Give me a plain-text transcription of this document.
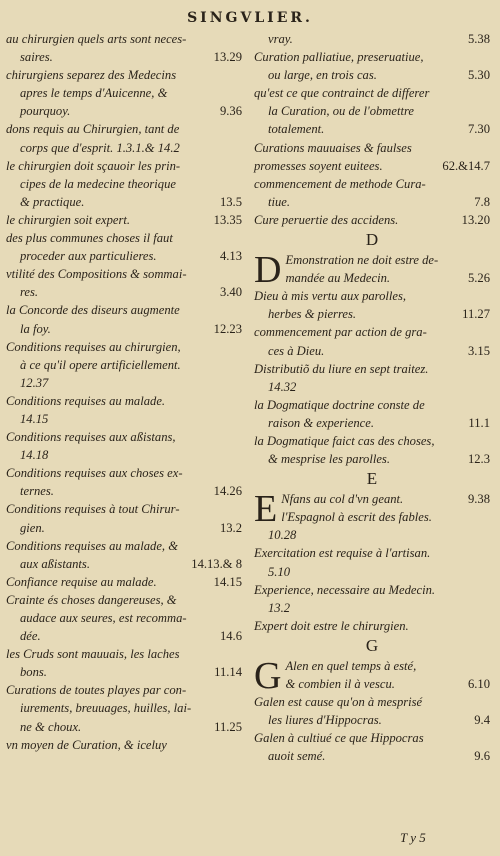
SINGVLIER.
au chirurgien quels arts sont neces-
saires.	13.29
chirurgiens separez des Medecins
apres le temps d'Auicenne, &
pourquoy.	9.36
dons requis au Chirurgien, tant de
corps que d'esprit. 1.3.1.& 14.2
le chirurgien doit sçauoir les prin-
cipes de la medecine theorique
& practique.	13.5
le chirurgien soit expert.	13.35
des plus communes choses il faut
proceder aux particulieres.	4.13
vtilité des Compositions & sommai-
res.	3.40
la Concorde des diseurs augmente
la foy.	12.23
Conditions requises au chirurgien,
à ce qu'il opere artificiellement.
12.37
Conditions requises au malade.
14.15
Conditions requises aux aßistans,
14.18
Conditions requises aux choses ex-
ternes.	14.26
Conditions requises à tout Chirur-
gien.	13.2
Conditions requises au malade, &
aux aßistants.	14.13.& 8
Confiance requise au malade.	14.15
Crainte és choses dangereuses, &
audace aux seures, est recomma-
dée.	14.6
les Cruds sont mauuais, les laches
bons.	11.14
Curations de toutes playes par con-
iurements, breuuages, huilles, lai-
ne & choux.	11.25
vn moyen de Curation, & iceluy
vray.	5.38
Curation palliatiue, preseruatiue,
ou large, en trois cas.	5.30
qu'est ce que contrainct de differer
la Curation, ou de l'obmettre
totalement.	7.30
Curations mauuaises & faulses
promesses soyent euitees.	62.&14.7
commencement de methode Cura-
tiue.	7.8
Cure peruertie des accidens.	13.20
D
D Emonstration ne doit estre de-
mandée au Medecin.	5.26
Dieu à mis vertu aux parolles,
herbes & pierres.	11.27
commencement par action de gra-
ces à Dieu.	3.15
Distributiõ du liure en sept traitez.
14.32
la Dogmatique doctrine conste de
raison & experience.	11.1
la Dogmatique faict cas des choses,
& mesprise les parolles.	12.3
E
E Nfans au col d'vn geant.	9.38
l'Espagnol à escrit des fables.
10.28
Exercitation est requise à l'artisan.
5.10
Experience, necessaire au Medecin.
13.2
Expert doit estre le chirurgien.
G
G Alen en quel temps à esté,
& combien il à vescu.	6.10
Galen est cause qu'on à mesprisé
les liures d'Hippocras.	9.4
Galen à cultiué ce que Hippocras
auoit semé.	9.6
T y 5
